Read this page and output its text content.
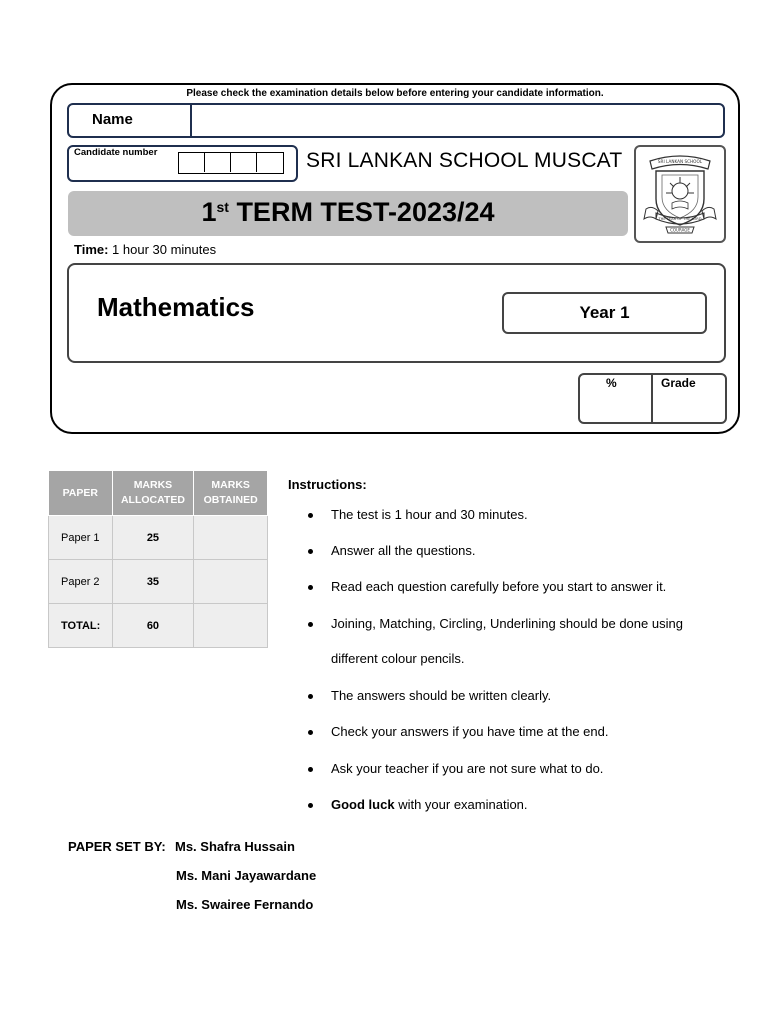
Please check the examination details below before entering your candidate information.
Name
Candidate number	SRI LANKAN SCHOOL MUSCAT	SRI LANKAN SCHOOL
THE FEAR OF THE LORD
COURAGE
1st TERM TEST-2023/24
Time: 1 hour 30 minutes
Mathematics	Year 1
%	Grade
PAPER	MARKS ALLOCATED	MARKS OBTAINED
Paper 1	25	
Paper 2	35	
TOTAL:	60	
Instructions:
The test is 1 hour and 30 minutes.
Answer all the questions.
Read each question carefully before you start to answer it.
Joining, Matching, Circling, Underlining should be done using
different colour pencils.
The answers should be written clearly.
Check your answers if you have time at the end.
Ask your teacher if you are not sure what to do.
Good luck with your examination.
PAPER SET BY: Ms. Shafra Hussain
Ms. Mani Jayawardane
Ms. Swairee Fernando
